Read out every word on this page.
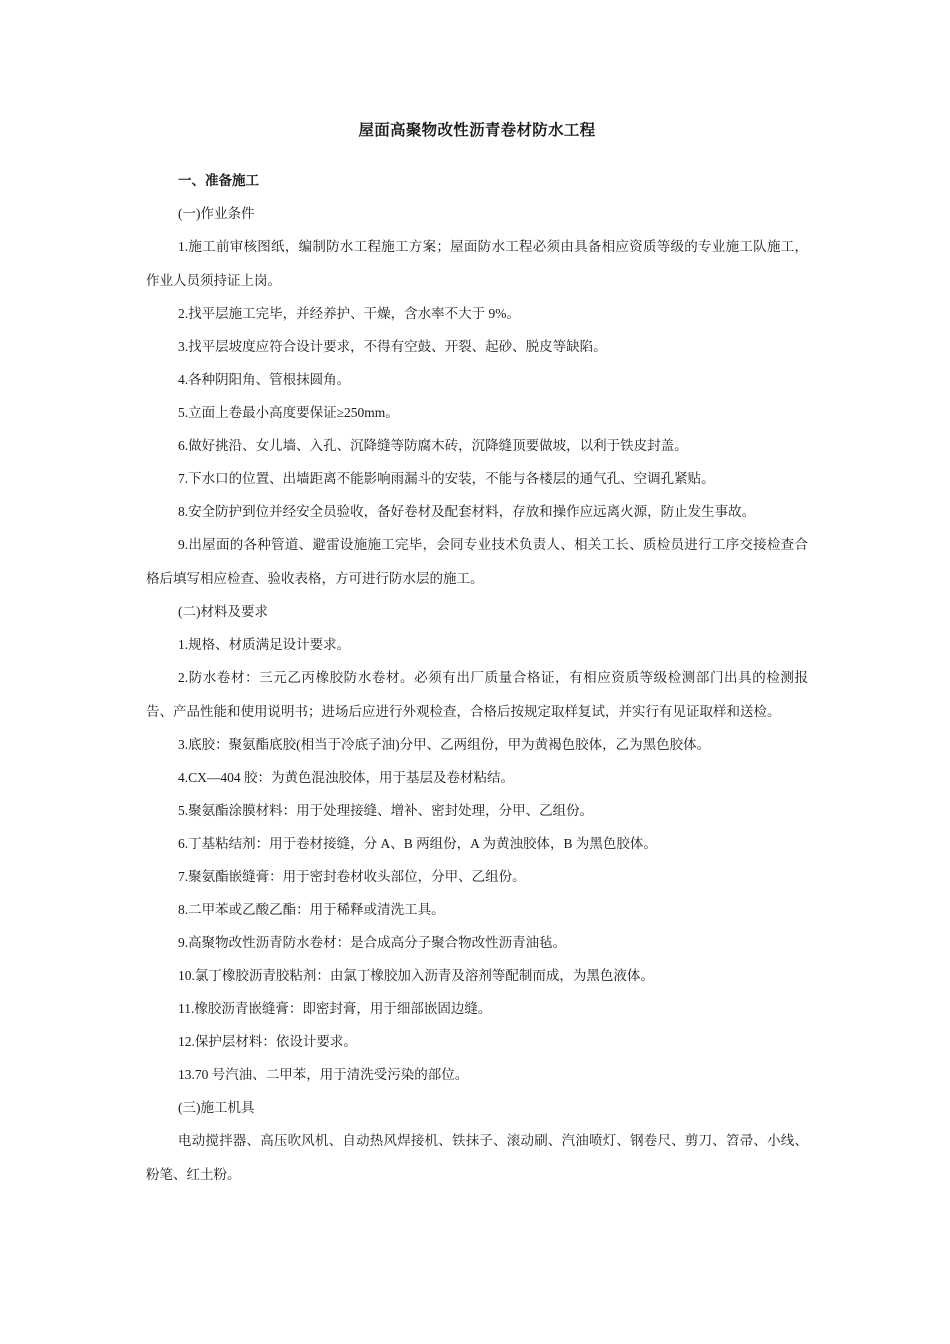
屋面高聚物改性沥青卷材防水工程

一、准备施工

(一)作业条件

1.施工前审核图纸，编制防水工程施工方案；屋面防水工程必须由具备相应资质等级的专业施工队施工，作业人员须持证上岗。

2.找平层施工完毕，并经养护、干燥，含水率不大于 9%。

3.找平层坡度应符合设计要求，不得有空鼓、开裂、起砂、脱皮等缺陷。

4.各种阴阳角、管根抹圆角。

5.立面上卷最小高度要保证≥250mm。

6.做好挑沿、女儿墙、入孔、沉降缝等防腐木砖，沉降缝顶要做坡，以利于铁皮封盖。

7.下水口的位置、出墙距离不能影响雨漏斗的安装，不能与各楼层的通气孔、空调孔紧贴。

8.安全防护到位并经安全员验收，备好卷材及配套材料，存放和操作应远离火源，防止发生事故。

9.出屋面的各种管道、避雷设施施工完毕，会同专业技术负责人、相关工长、质检员进行工序交接检查合格后填写相应检查、验收表格，方可进行防水层的施工。

(二)材料及要求

1.规格、材质满足设计要求。

2.防水卷材：三元乙丙橡胶防水卷材。必须有出厂质量合格证，有相应资质等级检测部门出具的检测报告、产品性能和使用说明书；进场后应进行外观检查，合格后按规定取样复试，并实行有见证取样和送检。

3.底胶：聚氨酯底胶(相当于冷底子油)分甲、乙两组份，甲为黄褐色胶体，乙为黑色胶体。

4.CX—404 胶：为黄色混浊胶体，用于基层及卷材粘结。

5.聚氨酯涂膜材料：用于处理接缝、增补、密封处理，分甲、乙组份。

6.丁基粘结剂：用于卷材接缝，分 A、B 两组份，A 为黄浊胶体，B 为黑色胶体。

7.聚氨酯嵌缝膏：用于密封卷材收头部位，分甲、乙组份。

8.二甲苯或乙酸乙酯：用于稀释或清洗工具。

9.高聚物改性沥青防水卷材：是合成高分子聚合物改性沥青油毡。

10.氯丁橡胶沥青胶粘剂：由氯丁橡胶加入沥青及溶剂等配制而成，为黑色液体。

11.橡胶沥青嵌缝膏：即密封膏，用于细部嵌固边缝。

12.保护层材料：依设计要求。

13.70 号汽油、二甲苯，用于清洗受污染的部位。

(三)施工机具

电动搅拌器、高压吹风机、自动热风焊接机、铁抹子、滚动刷、汽油喷灯、钢卷尺、剪刀、笤帚、小线、粉笔、红土粉。
